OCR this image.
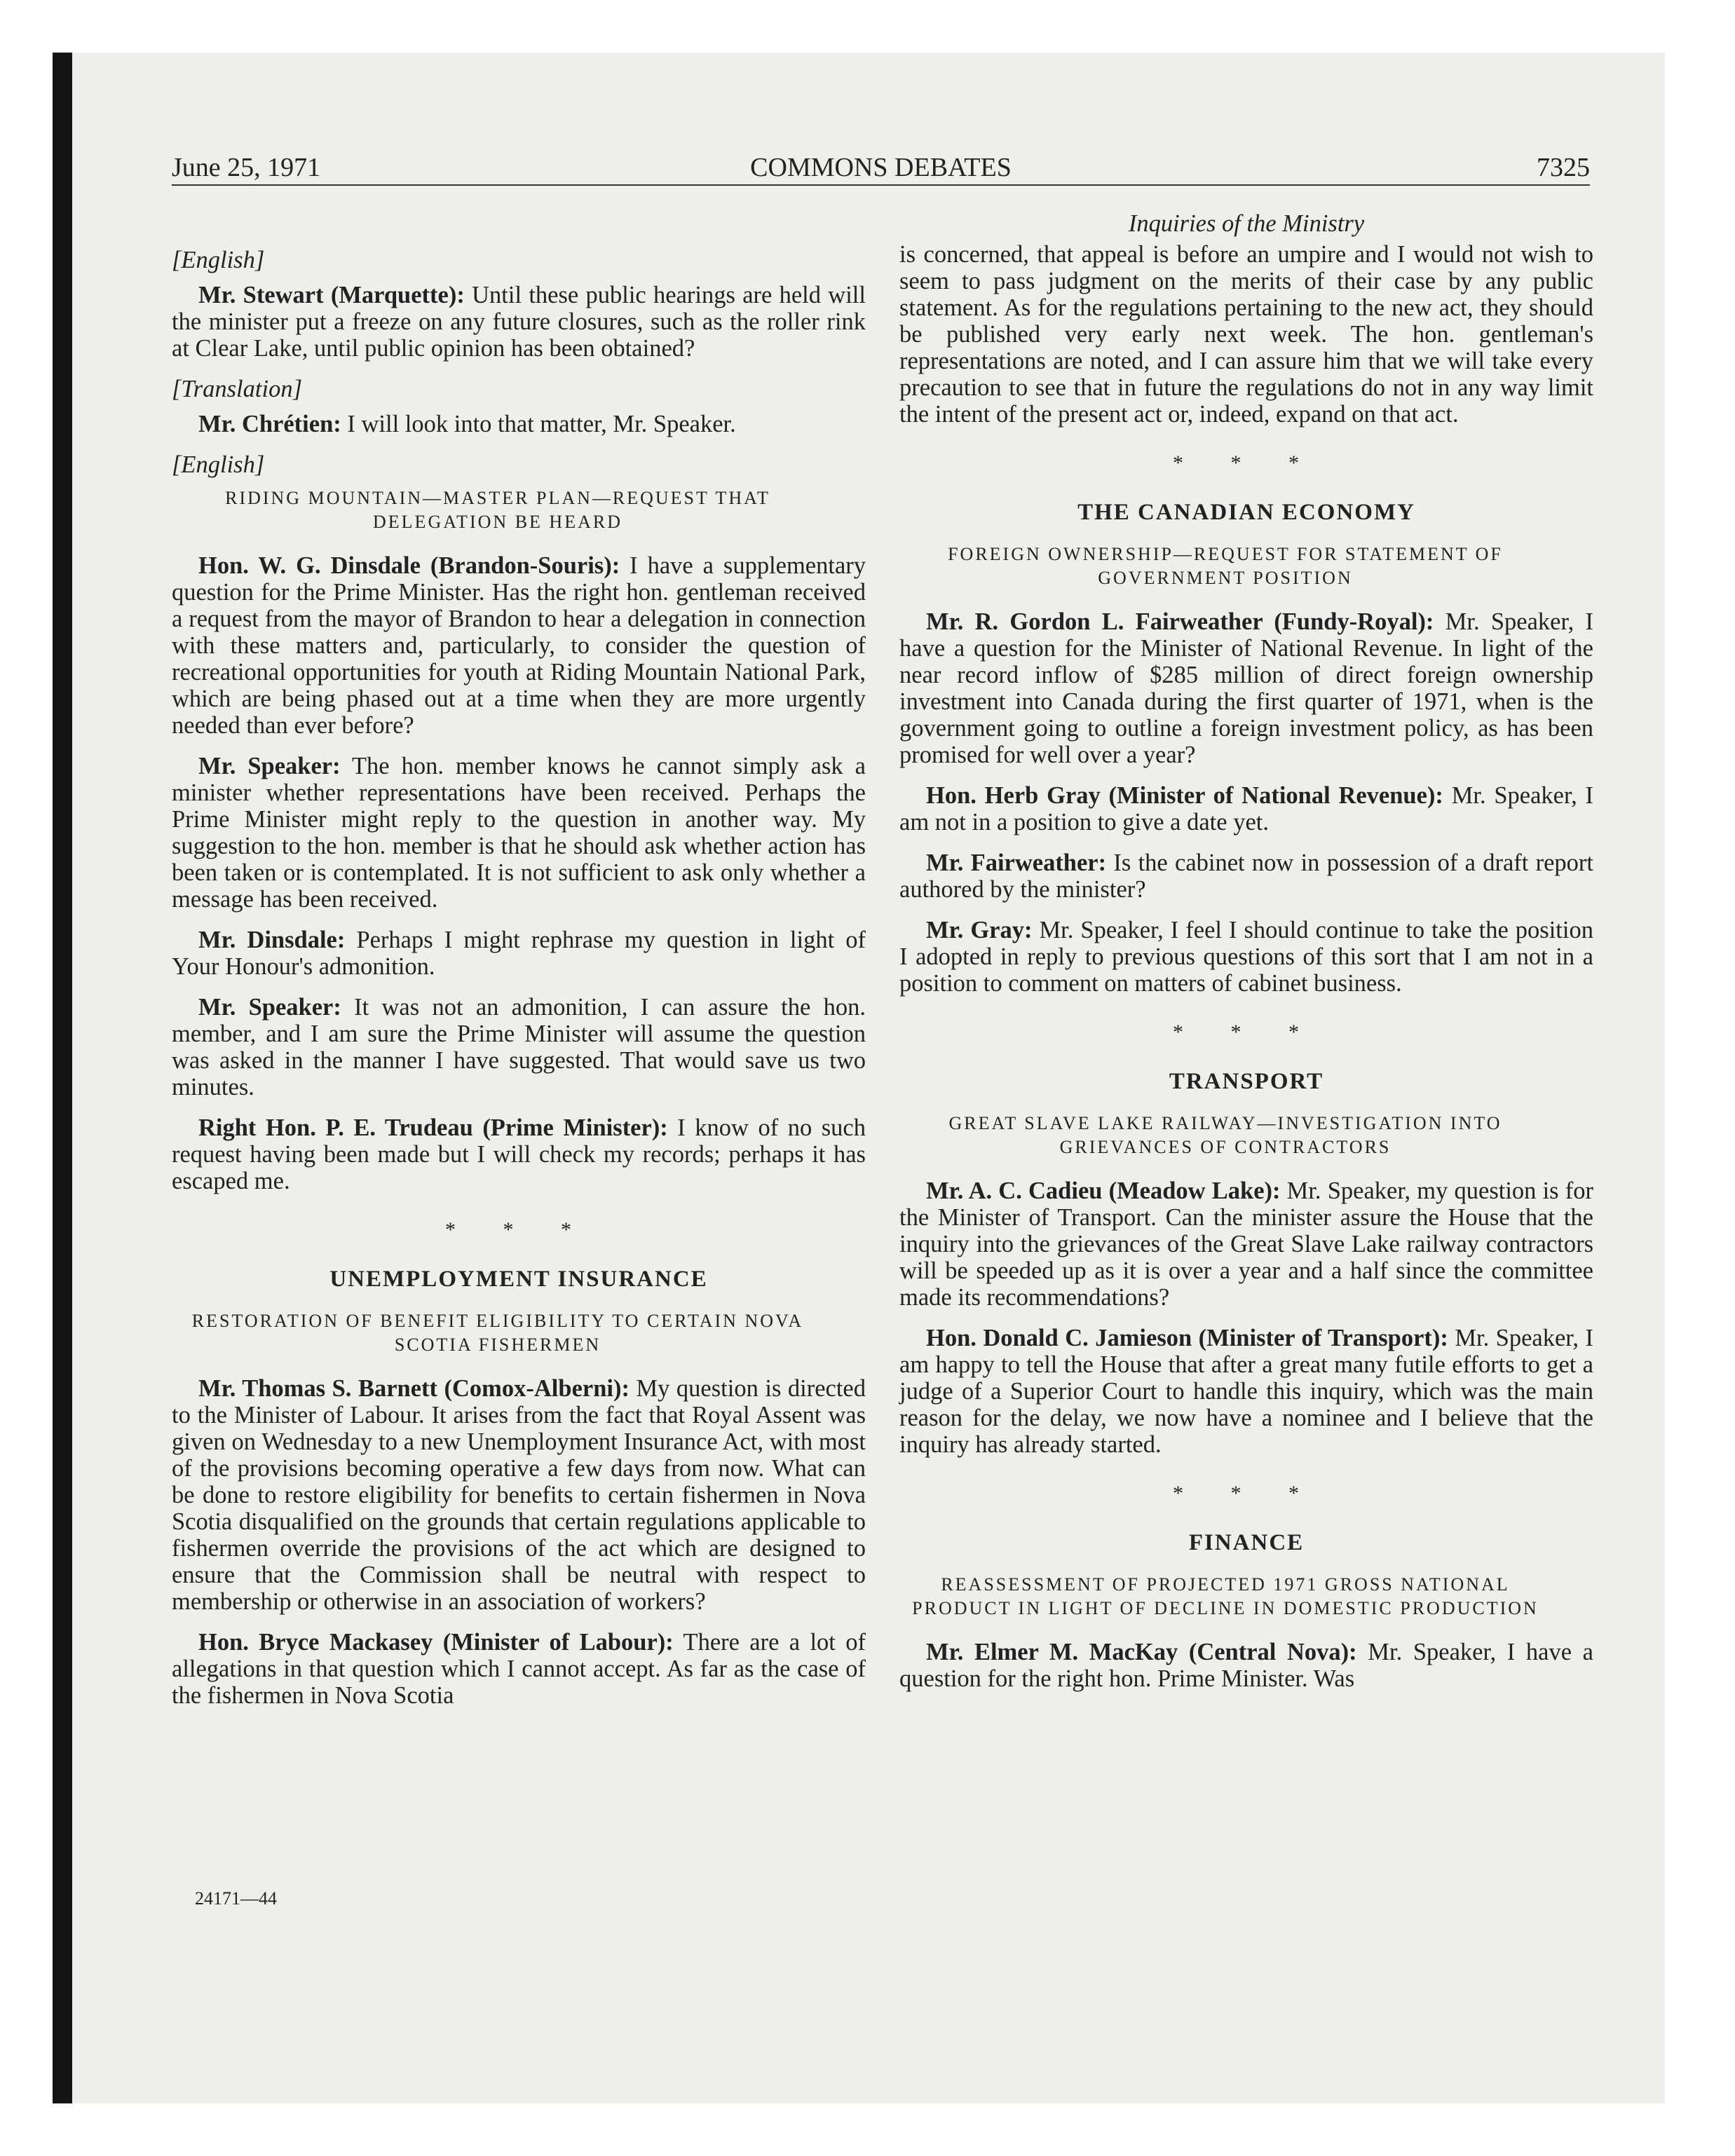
June 25, 1971	COMMONS DEBATES	7325

[English]

Mr. Stewart (Marquette): Until these public hearings are held will the minister put a freeze on any future closures, such as the roller rink at Clear Lake, until public opinion has been obtained?

[Translation]

Mr. Chrétien: I will look into that matter, Mr. Speaker.

[English]

RIDING MOUNTAIN—MASTER PLAN—REQUEST THAT DELEGATION BE HEARD

Hon. W. G. Dinsdale (Brandon-Souris): I have a supplementary question for the Prime Minister. Has the right hon. gentleman received a request from the mayor of Brandon to hear a delegation in connection with these matters and, particularly, to consider the question of recreational opportunities for youth at Riding Mountain National Park, which are being phased out at a time when they are more urgently needed than ever before?

Mr. Speaker: The hon. member knows he cannot simply ask a minister whether representations have been received. Perhaps the Prime Minister might reply to the question in another way. My suggestion to the hon. member is that he should ask whether action has been taken or is contemplated. It is not sufficient to ask only whether a message has been received.

Mr. Dinsdale: Perhaps I might rephrase my question in light of Your Honour's admonition.

Mr. Speaker: It was not an admonition, I can assure the hon. member, and I am sure the Prime Minister will assume the question was asked in the manner I have suggested. That would save us two minutes.

Right Hon. P. E. Trudeau (Prime Minister): I know of no such request having been made but I will check my records; perhaps it has escaped me.

* * *
UNEMPLOYMENT INSURANCE
RESTORATION OF BENEFIT ELIGIBILITY TO CERTAIN NOVA SCOTIA FISHERMEN

Mr. Thomas S. Barnett (Comox-Alberni): My question is directed to the Minister of Labour. It arises from the fact that Royal Assent was given on Wednesday to a new Unemployment Insurance Act, with most of the provisions becoming operative a few days from now. What can be done to restore eligibility for benefits to certain fishermen in Nova Scotia disqualified on the grounds that certain regulations applicable to fishermen override the provisions of the act which are designed to ensure that the Commission shall be neutral with respect to membership or otherwise in an association of workers?

Hon. Bryce Mackasey (Minister of Labour): There are a lot of allegations in that question which I cannot accept. As far as the case of the fishermen in Nova Scotia

24171—44
Inquiries of the Ministry

is concerned, that appeal is before an umpire and I would not wish to seem to pass judgment on the merits of their case by any public statement. As for the regulations pertaining to the new act, they should be published very early next week. The hon. gentleman's representations are noted, and I can assure him that we will take every precaution to see that in future the regulations do not in any way limit the intent of the present act or, indeed, expand on that act.

* * *
THE CANADIAN ECONOMY
FOREIGN OWNERSHIP—REQUEST FOR STATEMENT OF GOVERNMENT POSITION

Mr. R. Gordon L. Fairweather (Fundy-Royal): Mr. Speaker, I have a question for the Minister of National Revenue. In light of the near record inflow of $285 million of direct foreign ownership investment into Canada during the first quarter of 1971, when is the government going to outline a foreign investment policy, as has been promised for well over a year?

Hon. Herb Gray (Minister of National Revenue): Mr. Speaker, I am not in a position to give a date yet.

Mr. Fairweather: Is the cabinet now in possession of a draft report authored by the minister?

Mr. Gray: Mr. Speaker, I feel I should continue to take the position I adopted in reply to previous questions of this sort that I am not in a position to comment on matters of cabinet business.

* * *
TRANSPORT
GREAT SLAVE LAKE RAILWAY—INVESTIGATION INTO GRIEVANCES OF CONTRACTORS

Mr. A. C. Cadieu (Meadow Lake): Mr. Speaker, my question is for the Minister of Transport. Can the minister assure the House that the inquiry into the grievances of the Great Slave Lake railway contractors will be speeded up as it is over a year and a half since the committee made its recommendations?

Hon. Donald C. Jamieson (Minister of Transport): Mr. Speaker, I am happy to tell the House that after a great many futile efforts to get a judge of a Superior Court to handle this inquiry, which was the main reason for the delay, we now have a nominee and I believe that the inquiry has already started.

* * *
FINANCE
REASSESSMENT OF PROJECTED 1971 GROSS NATIONAL PRODUCT IN LIGHT OF DECLINE IN DOMESTIC PRODUCTION

Mr. Elmer M. MacKay (Central Nova): Mr. Speaker, I have a question for the right hon. Prime Minister. Was
